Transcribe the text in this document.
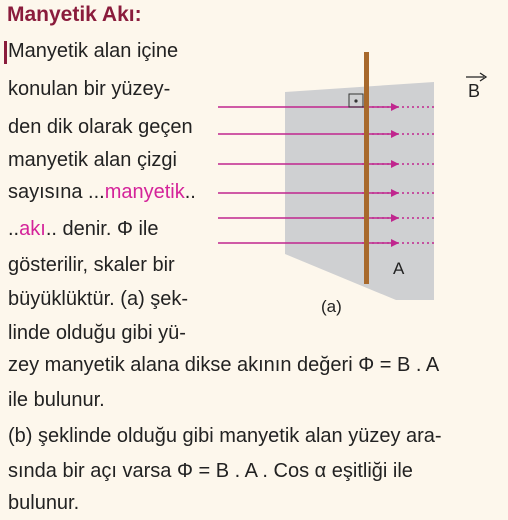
Manyetik Akı:
Manyetik alan içine
konulan bir yüzey-
den dik olarak geçen
manyetik alan çizgi
sayısına ...manyetik..
..akı.. denir. Φ ile
gösterilir, skaler bir
büyüklüktür. (a) şek-
linde olduğu gibi yü-
zey manyetik alana dikse akının değeri Φ = B . A
ile bulunur.
(b) şeklinde olduğu gibi manyetik alan yüzey ara-
sında bir açı varsa Φ = B . A . Cos α eşitliği ile
bulunur.
B
A
(a)
